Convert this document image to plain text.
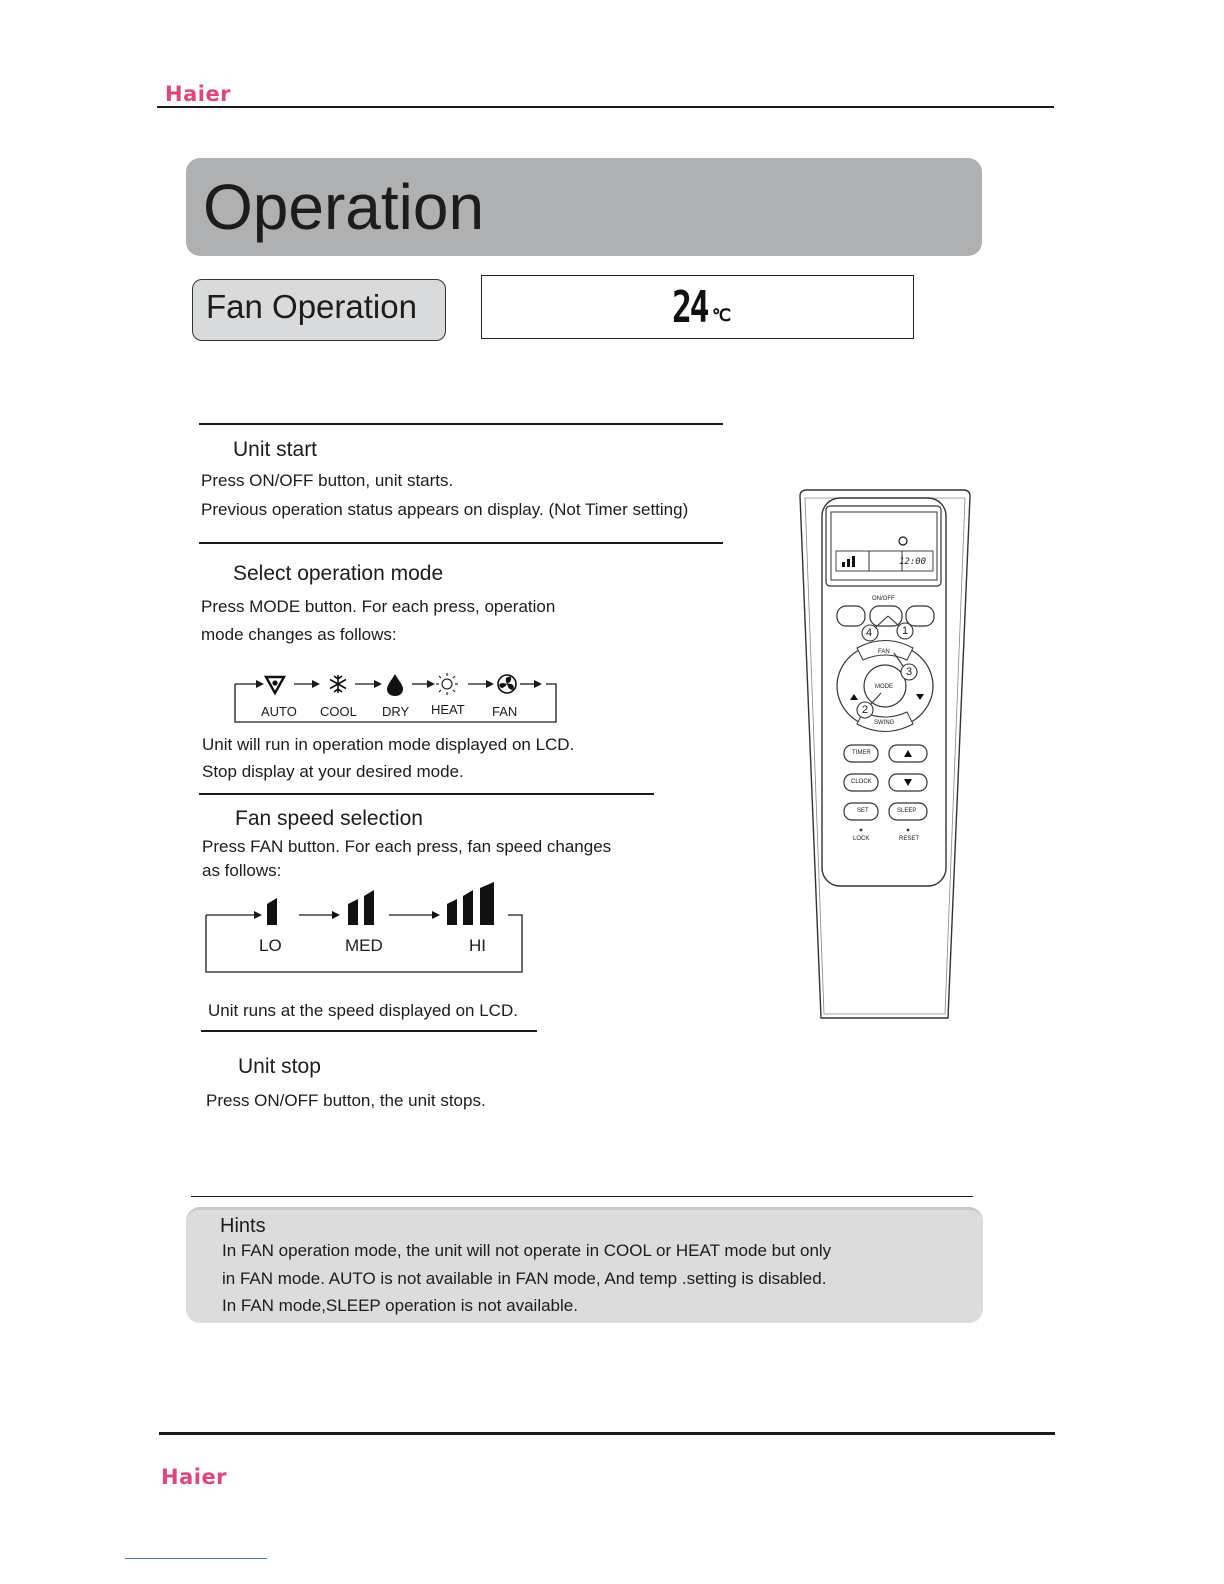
Haier
Operation
Fan Operation	24 ℃
Unit start
Press ON/OFF button, unit starts.
Previous operation status appears on display. (Not Timer setting)
Select operation mode
Press MODE button. For each press, operation
mode changes as follows:
AUTO COOL DRY HEAT FAN
Unit will run in operation mode displayed on LCD.
Stop display at your desired mode.
Fan speed selection
Press FAN button. For each press, fan speed changes
as follows:
LO	MED	HI
Unit runs at the speed displayed on LCD.
Unit stop
Press ON/OFF button, the unit stops.
12:00
ON/OFF
FAN
MODE
SWING
TIMER
CLOCK
SET	SLEEP
LOCK	RESET
4	1
3
2
Hints
In FAN operation mode, the unit will not operate in COOL or HEAT mode but only
in FAN mode. AUTO is not available in FAN mode, And temp .setting is disabled.
In FAN mode,SLEEP operation is not available.
Haier
